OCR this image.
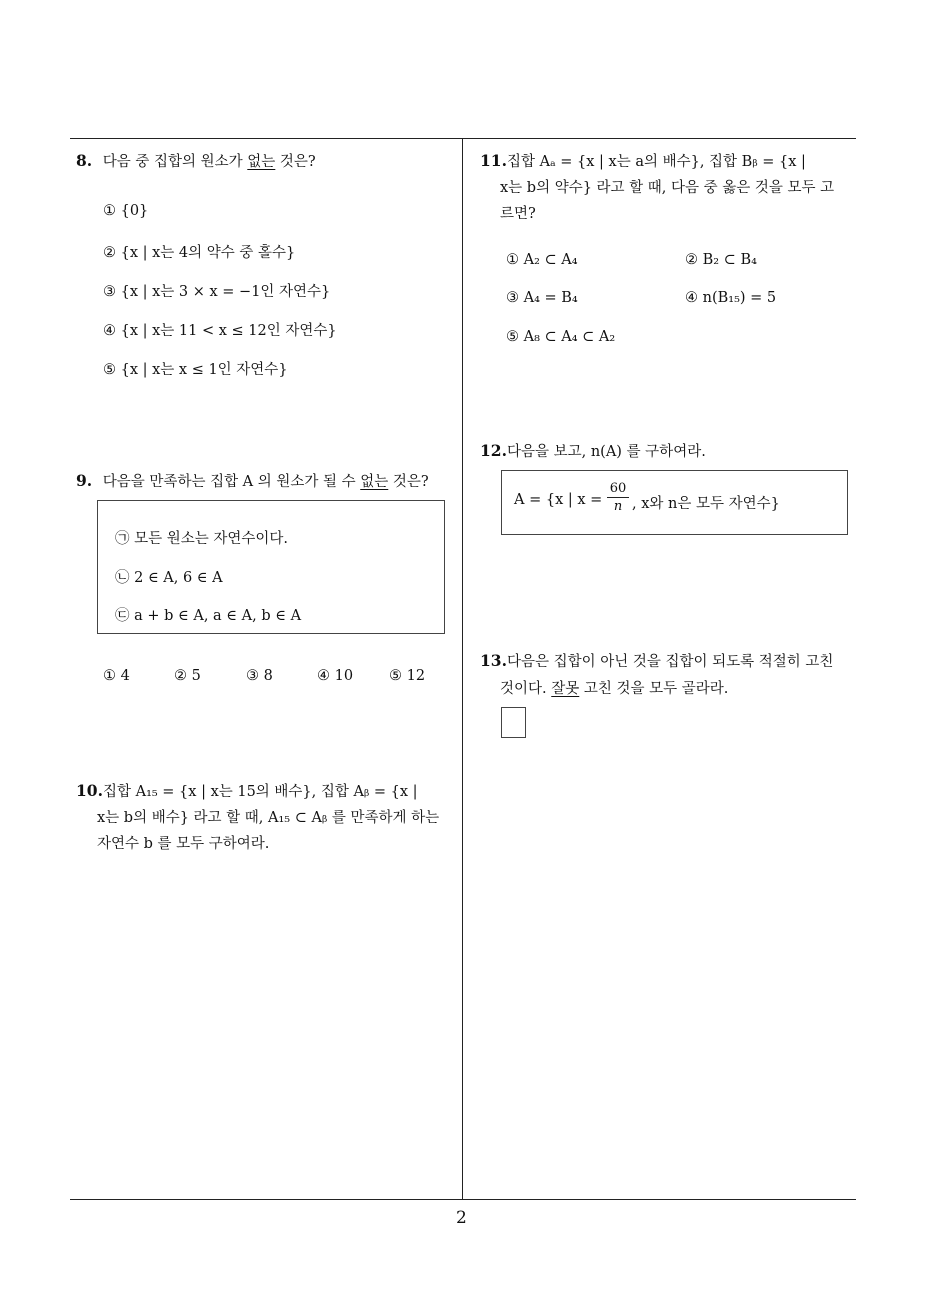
8. 다음 중 집합의 원소가 없는 것은?
① {0}
② {x | x는 4의 약수 중 홀수}
③ {x | x는 3 × x = −1인 자연수}
④ {x | x는 11 < x ≤ 12인 자연수}
⑤ {x | x는 x ≤ 1인 자연수}
9. 다음을 만족하는 집합 A 의 원소가 될 수 없는 것은?
㉠ 모든 원소는 자연수이다.
㉡ 2 ∈ A, 6 ∈ A
㉢ a + b ∈ A, a ∈ A, b ∈ A
① 4	② 5	③ 8	④ 10 ⑤ 12
10.집합 A₁₅ = {x | x는 15의 배수}, 집합 Aᵦ = {x |
x는 b의 배수} 라고 할 때, A₁₅ ⊂ Aᵦ 를 만족하게 하는
자연수 b 를 모두 구하여라.
11.집합 Aₐ = {x | x는 a의 배수}, 집합 Bᵦ = {x |
x는 b의 약수} 라고 할 때, 다음 중 옳은 것을 모두 고
르면?
① A₂ ⊂ A₄	② B₂ ⊂ B₄
③ A₄ = B₄	④ n(B₁₅) = 5
⑤ A₈ ⊂ A₄ ⊂ A₂
12.다음을 보고, n(A) 를 구하여라.
A = {x | x =
60
n , x와 n은 모두 자연수}
13.다음은 집합이 아닌 것을 집합이 되도록 적절히 고친
것이다. 잘못 고친 것을 모두 골라라.
2
